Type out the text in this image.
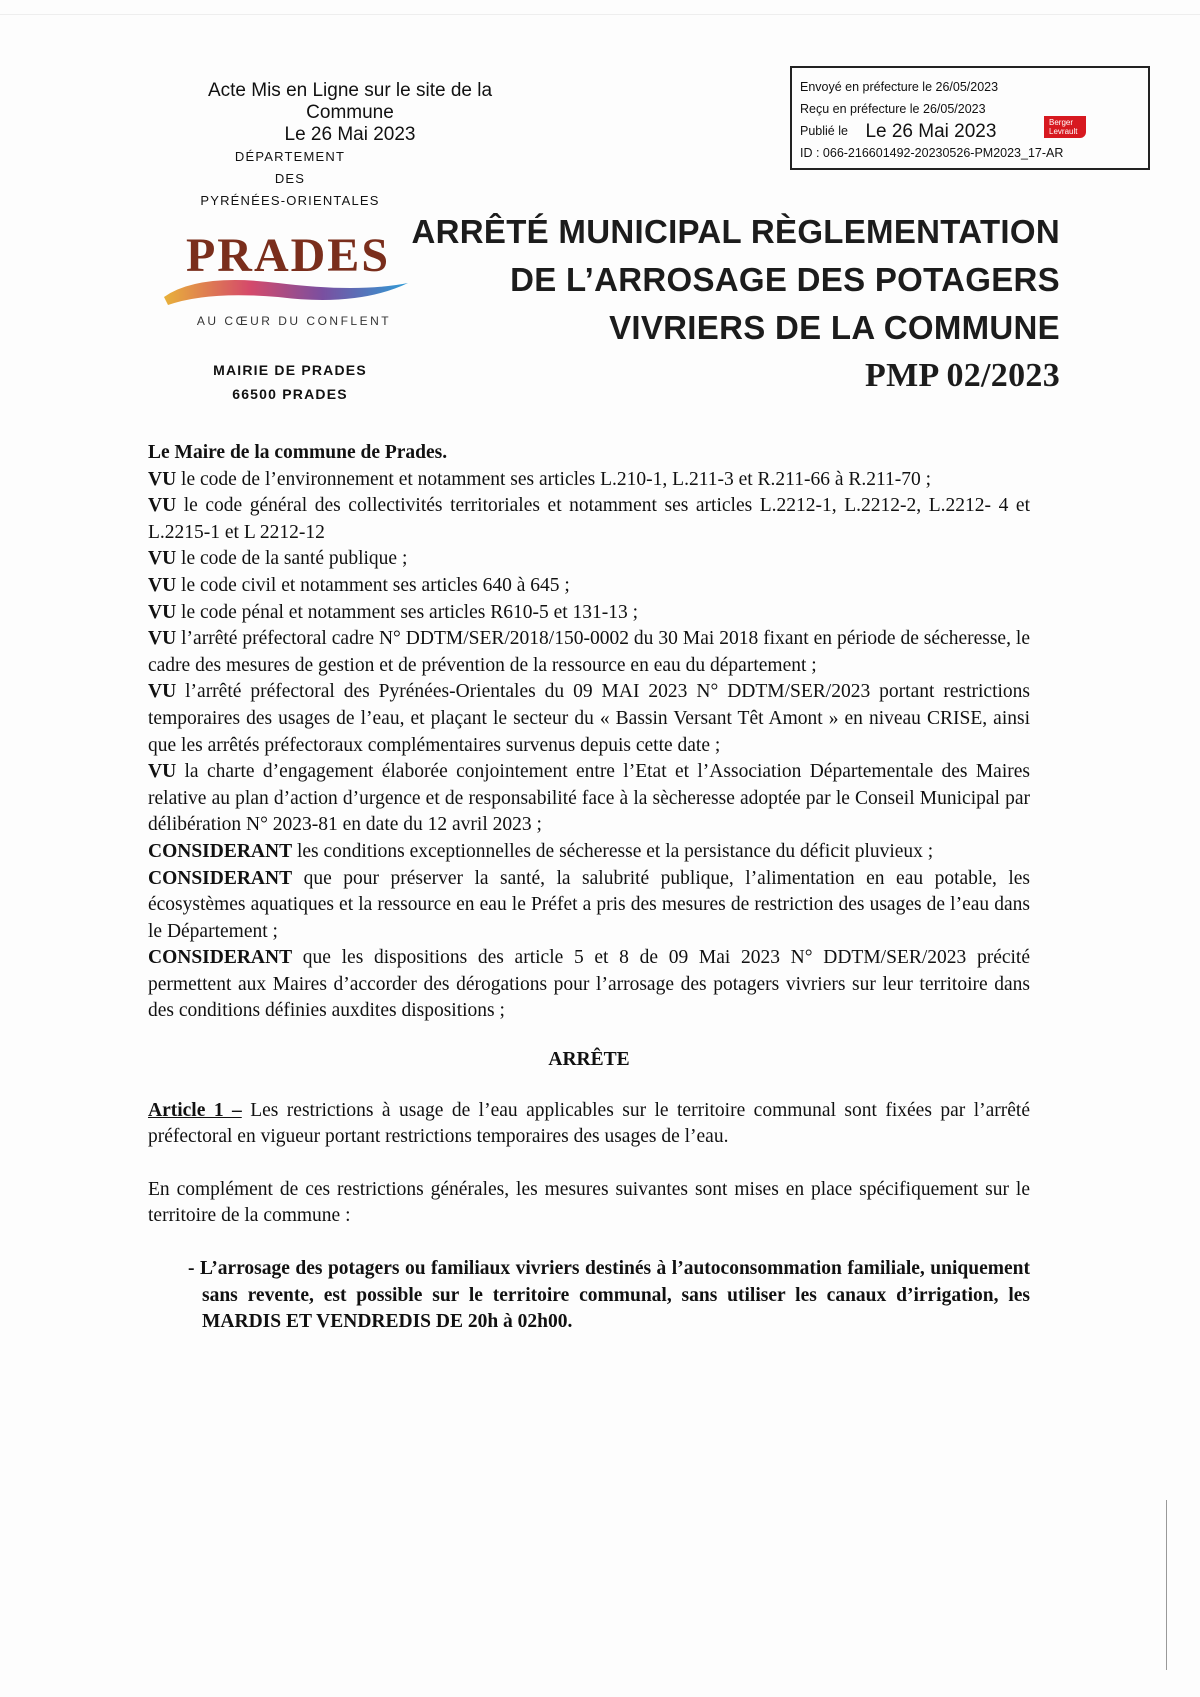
Acte Mis en Ligne sur le site de la Commune
Le 26 Mai 2023
Envoyé en préfecture le 26/05/2023
Reçu en préfecture le 26/05/2023
Publié le Le 26 Mai 2023
ID : 066-216601492-20230526-PM2023_17-AR
Berger
Levrault
DÉPARTEMENT
DES
PYRÉNÉES-ORIENTALES
PRADES
AU CŒUR DU CONFLENT
MAIRIE DE PRADES
66500 PRADES
ARRÊTÉ MUNICIPAL RÈGLEMENTATION
DE L’ARROSAGE DES POTAGERS
VIVRIERS DE LA COMMUNE
PMP 02/2023

Le Maire de la commune de Prades.

VU le code de l’environnement et notamment ses articles L.210-1, L.211-3 et R.211-66 à R.211-70 ;

VU le code général des collectivités territoriales et notamment ses articles L.2212-1, L.2212-2, L.2212- 4 et L.2215-1 et L 2212-12

VU le code de la santé publique ;

VU le code civil et notamment ses articles 640 à 645 ;

VU le code pénal et notamment ses articles R610-5 et 131-13 ;

VU l’arrêté préfectoral cadre N° DDTM/SER/2018/150-0002 du 30 Mai 2018 fixant en période de sécheresse, le cadre des mesures de gestion et de prévention de la ressource en eau du département ;

VU l’arrêté préfectoral des Pyrénées-Orientales du 09 MAI 2023 N° DDTM/SER/2023 portant restrictions temporaires des usages de l’eau, et plaçant le secteur du « Bassin Versant Têt Amont » en niveau CRISE, ainsi que les arrêtés préfectoraux complémentaires survenus depuis cette date ;

VU la charte d’engagement élaborée conjointement entre l’Etat et l’Association Départementale des Maires relative au plan d’action d’urgence et de responsabilité face à la sècheresse adoptée par le Conseil Municipal par délibération N° 2023-81 en date du 12 avril 2023 ;

CONSIDERANT les conditions exceptionnelles de sécheresse et la persistance du déficit pluvieux ;

CONSIDERANT que pour préserver la santé, la salubrité publique, l’alimentation en eau potable, les écosystèmes aquatiques et la ressource en eau le Préfet a pris des mesures de restriction des usages de l’eau dans le Département ;

CONSIDERANT que les dispositions des article 5 et 8 de 09 Mai 2023 N° DDTM/SER/2023 précité permettent aux Maires d’accorder des dérogations pour l’arrosage des potagers vivriers sur leur territoire dans des conditions définies auxdites dispositions ;

ARRÊTE

Article 1 – Les restrictions à usage de l’eau applicables sur le territoire communal sont fixées par l’arrêté préfectoral en vigueur portant restrictions temporaires des usages de l’eau.

En complément de ces restrictions générales, les mesures suivantes sont mises en place spécifiquement sur le territoire de la commune :

- L’arrosage des potagers ou familiaux vivriers destinés à l’autoconsommation familiale, uniquement sans revente, est possible sur le territoire communal, sans utiliser les canaux d’irrigation, les MARDIS ET VENDREDIS DE 20h à 02h00.
